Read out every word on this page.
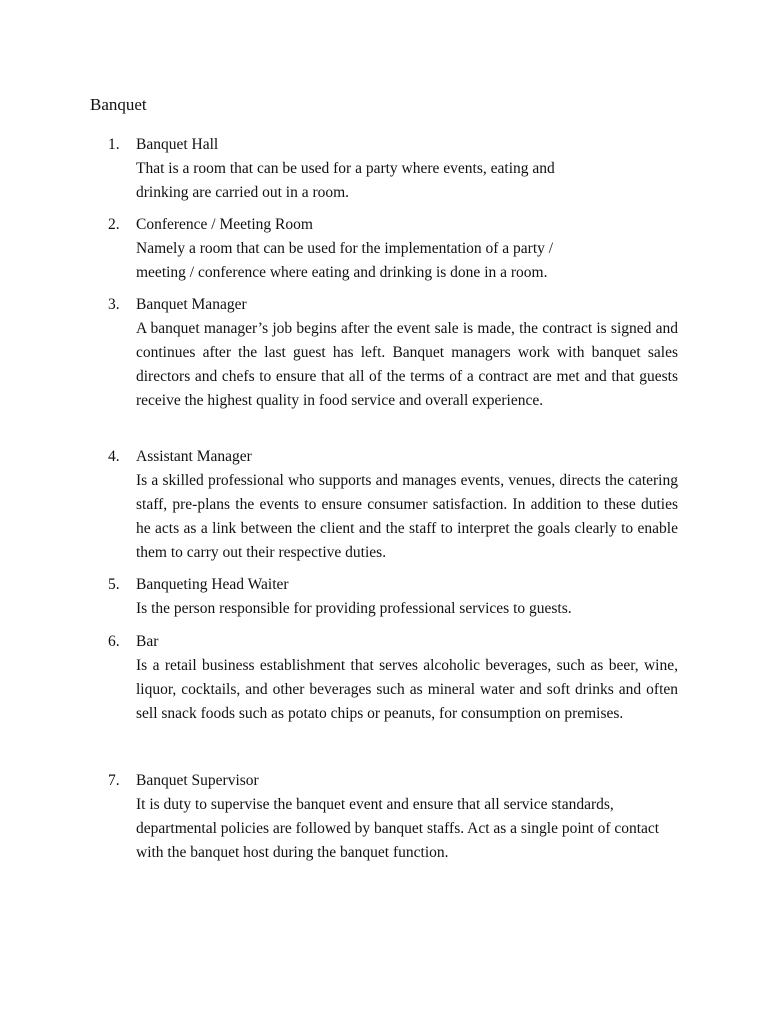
Banquet
1.	Banquet Hall
That is a room that can be used for a party where events, eating and
drinking are carried out in a room.
2.	Conference / Meeting Room
Namely a room that can be used for the implementation of a party /
meeting / conference where eating and drinking is done in a room.
3.	Banquet Manager
A banquet manager’s job begins after the event sale is made, the contract is signed and continues after the last guest has left. Banquet managers work with banquet sales directors and chefs to ensure that all of the terms of a contract are met and that guests receive the highest quality in food service and overall experience.
4.	Assistant Manager
Is a skilled professional who supports and manages events, venues, directs the catering staff, pre-plans the events to ensure consumer satisfaction. In addition to these duties he acts as a link between the client and the staff to interpret the goals clearly to enable them to carry out their respective duties.
5.	Banqueting Head Waiter
Is the person responsible for providing professional services to guests.
6.	Bar
Is a retail business establishment that serves alcoholic beverages, such as beer, wine, liquor, cocktails, and other beverages such as mineral water and soft drinks and often sell snack foods such as potato chips or peanuts, for consumption on premises.
7.	Banquet Supervisor
It is duty to supervise the banquet event and ensure that all service standards, departmental policies are followed by banquet staffs. Act as a single point of contact with the banquet host during the banquet function.
